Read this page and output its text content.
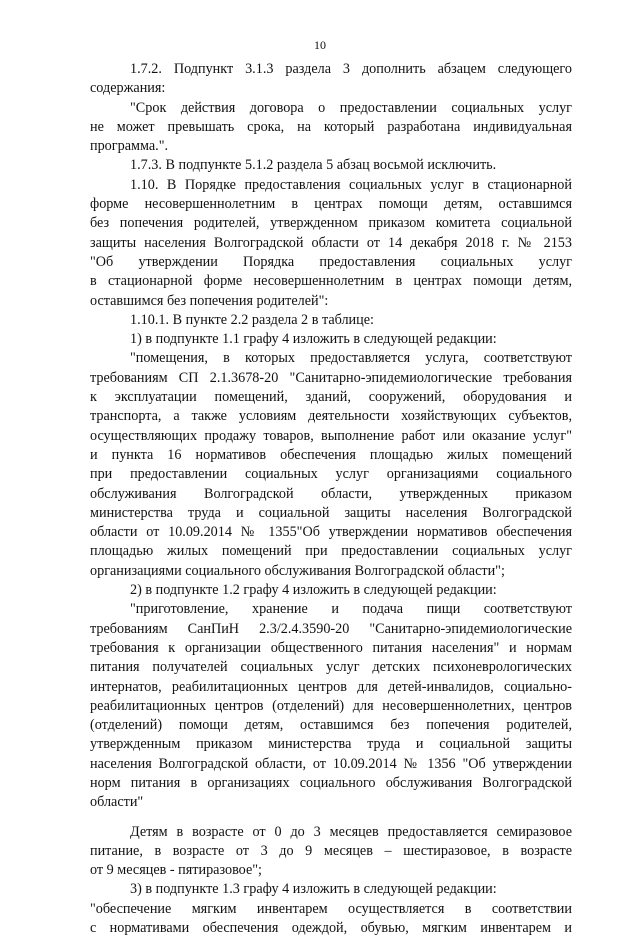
10
1.7.2. Подпункт 3.1.3 раздела 3 дополнить абзацем следующего
содержания:
"Срок действия договора о предоставлении социальных услуг
не может превышать срока, на который разработана индивидуальная
программа.".
1.7.3. В подпункте 5.1.2 раздела 5 абзац восьмой исключить.
1.10. В Порядке предоставления социальных услуг в стационарной
форме несовершеннолетним в центрах помощи детям, оставшимся
без попечения родителей, утвержденном приказом комитета социальной
защиты населения Волгоградской области от 14 декабря 2018 г. № 2153
"Об утверждении Порядка предоставления социальных услуг
в стационарной форме несовершеннолетним в центрах помощи детям,
оставшимся без попечения родителей":
1.10.1. В пункте 2.2 раздела 2 в таблице:
1) в подпункте 1.1 графу 4 изложить в следующей редакции:
"помещения, в которых предоставляется услуга, соответствуют
требованиям СП 2.1.3678-20 "Санитарно-эпидемиологические требования
к эксплуатации помещений, зданий, сооружений, оборудования и
транспорта, а также условиям деятельности хозяйствующих субъектов,
осуществляющих продажу товаров, выполнение работ или оказание услуг"
и пункта 16 нормативов обеспечения площадью жилых помещений
при предоставлении социальных услуг организациями социального
обслуживания Волгоградской области, утвержденных приказом
министерства труда и социальной защиты населения Волгоградской
области от 10.09.2014 № 1355"Об утверждении нормативов обеспечения
площадью жилых помещений при предоставлении социальных услуг
организациями социального обслуживания Волгоградской области";
2) в подпункте 1.2 графу 4 изложить в следующей редакции:
"приготовление, хранение и подача пищи соответствуют
требованиям СанПиН 2.3/2.4.3590-20 "Санитарно-эпидемиологические
требования к организации общественного питания населения" и нормам
питания получателей социальных услуг детских психоневрологических
интернатов, реабилитационных центров для детей-инвалидов, социально-
реабилитационных центров (отделений) для несовершеннолетних, центров
(отделений) помощи детям, оставшимся без попечения родителей,
утвержденным приказом министерства труда и социальной защиты
населения Волгоградской области, от 10.09.2014 № 1356 "Об утверждении
норм питания в организациях социального обслуживания Волгоградской
области"
Детям в возрасте от 0 до 3 месяцев предоставляется семиразовое
питание, в возрасте от 3 до 9 месяцев – шестиразовое, в возрасте
от 9 месяцев - пятиразовое";
3) в подпункте 1.3 графу 4 изложить в следующей редакции:
"обеспечение мягким инвентарем осуществляется в соответствии
с нормативами обеспечения одеждой, обувью, мягким инвентарем и
